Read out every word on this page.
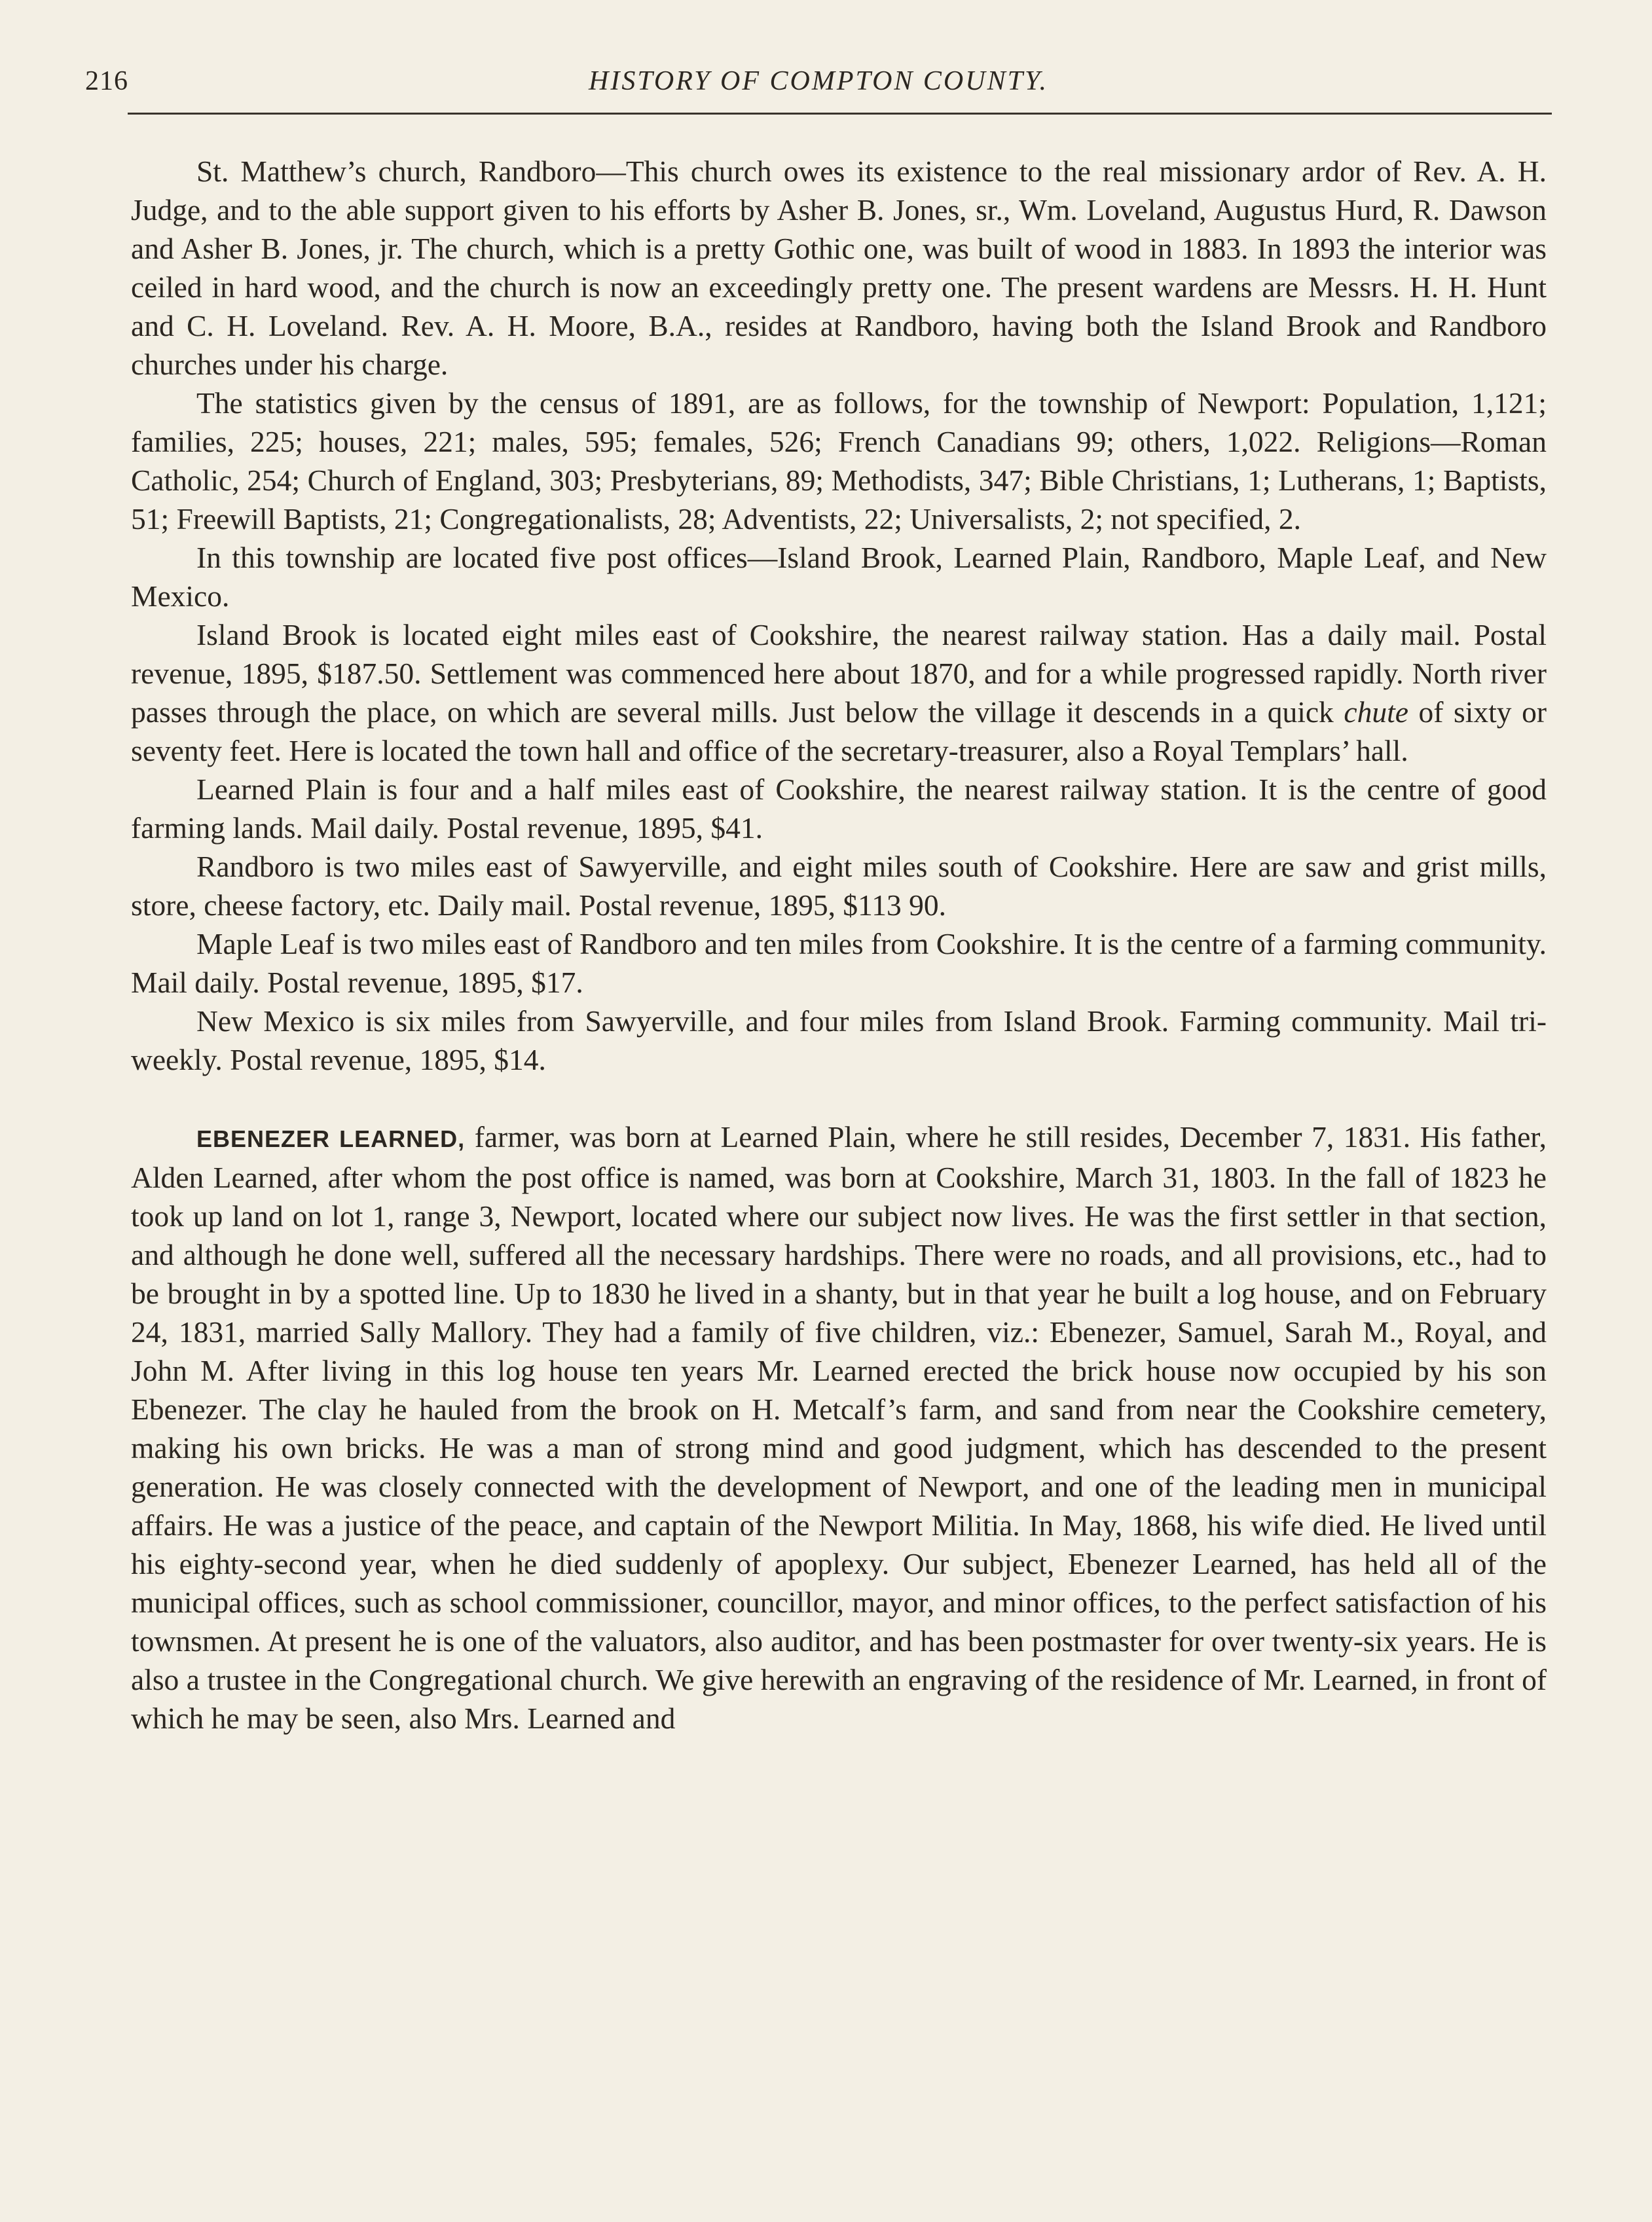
216	HISTORY OF COMPTON COUNTY.

St. Matthew’s church, Randboro—This church owes its existence to the real missionary ardor of Rev. A. H. Judge, and to the able support given to his efforts by Asher B. Jones, sr., Wm. Loveland, Augustus Hurd, R. Dawson and Asher B. Jones, jr. The church, which is a pretty Gothic one, was built of wood in 1883. In 1893 the interior was ceiled in hard wood, and the church is now an exceedingly pretty one. The present wardens are Messrs. H. H. Hunt and C. H. Loveland. Rev. A. H. Moore, B.A., resides at Randboro, having both the Island Brook and Randboro churches under his charge.

The statistics given by the census of 1891, are as follows, for the township of Newport: Population, 1,121; families, 225; houses, 221; males, 595; females, 526; French Canadians 99; others, 1,022. Religions—Roman Catholic, 254; Church of England, 303; Presbyterians, 89; Methodists, 347; Bible Christians, 1; Lutherans, 1; Baptists, 51; Freewill Baptists, 21; Congregationalists, 28; Adventists, 22; Universalists, 2; not specified, 2.

In this township are located five post offices—Island Brook, Learned Plain, Randboro, Maple Leaf, and New Mexico.

Island Brook is located eight miles east of Cookshire, the nearest railway station. Has a daily mail. Postal revenue, 1895, $187.50. Settlement was commenced here about 1870, and for a while progressed rapidly. North river passes through the place, on which are several mills. Just below the village it descends in a quick chute of sixty or seventy feet. Here is located the town hall and office of the secretary-treasurer, also a Royal Templars’ hall.

Learned Plain is four and a half miles east of Cookshire, the nearest railway station. It is the centre of good farming lands. Mail daily. Postal revenue, 1895, $41.

Randboro is two miles east of Sawyerville, and eight miles south of Cookshire. Here are saw and grist mills, store, cheese factory, etc. Daily mail. Postal revenue, 1895, $113 90.

Maple Leaf is two miles east of Randboro and ten miles from Cookshire. It is the centre of a farming community. Mail daily. Postal revenue, 1895, $17.

New Mexico is six miles from Sawyerville, and four miles from Island Brook. Farming community. Mail tri-weekly. Postal revenue, 1895, $14.

EBENEZER LEARNED, farmer, was born at Learned Plain, where he still resides, December 7, 1831. His father, Alden Learned, after whom the post office is named, was born at Cookshire, March 31, 1803. In the fall of 1823 he took up land on lot 1, range 3, Newport, located where our subject now lives. He was the first settler in that section, and although he done well, suffered all the necessary hardships. There were no roads, and all provisions, etc., had to be brought in by a spotted line. Up to 1830 he lived in a shanty, but in that year he built a log house, and on February 24, 1831, married Sally Mallory. They had a family of five children, viz.: Ebenezer, Samuel, Sarah M., Royal, and John M. After living in this log house ten years Mr. Learned erected the brick house now occupied by his son Ebenezer. The clay he hauled from the brook on H. Metcalf’s farm, and sand from near the Cookshire cemetery, making his own bricks. He was a man of strong mind and good judgment, which has descended to the present generation. He was closely connected with the development of Newport, and one of the leading men in municipal affairs. He was a justice of the peace, and captain of the Newport Militia. In May, 1868, his wife died. He lived until his eighty-second year, when he died suddenly of apoplexy. Our subject, Ebenezer Learned, has held all of the municipal offices, such as school commissioner, councillor, mayor, and minor offices, to the perfect satisfaction of his townsmen. At present he is one of the valuators, also auditor, and has been postmaster for over twenty-six years. He is also a trustee in the Congregational church. We give herewith an engraving of the residence of Mr. Learned, in front of which he may be seen, also Mrs. Learned and
